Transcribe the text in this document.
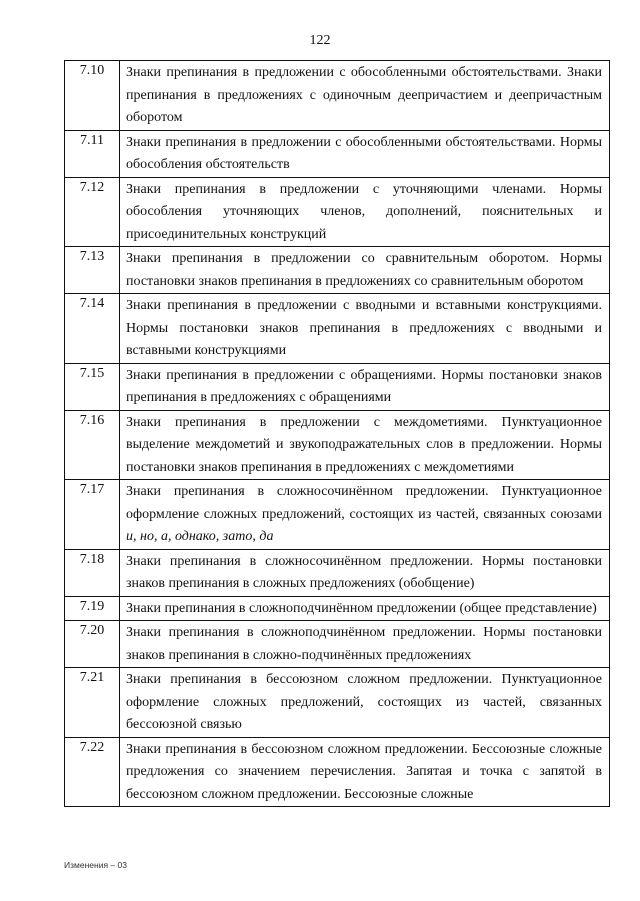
122
7.10	Знаки препинания в предложении с обособленными обстоятельствами. Знаки препинания в предложениях с одиночным деепричастием и деепричастным оборотом
7.11	Знаки препинания в предложении с обособленными обстоятельствами. Нормы обособления обстоятельств
7.12	Знаки препинания в предложении с уточняющими членами. Нормы обособления уточняющих членов, дополнений, пояснительных и присоединительных конструкций
7.13	Знаки препинания в предложении со сравнительным оборотом. Нормы постановки знаков препинания в предложениях со сравнительным оборотом
7.14	Знаки препинания в предложении с вводными и вставными конструкциями. Нормы постановки знаков препинания в предложениях с вводными и вставными конструкциями
7.15	Знаки препинания в предложении с обращениями. Нормы постановки знаков препинания в предложениях с обращениями
7.16	Знаки препинания в предложении с междометиями. Пунктуационное выделение междометий и звукоподражательных слов в предложении. Нормы постановки знаков препинания в предложениях с междометиями
7.17	Знаки препинания в сложносочинённом предложении. Пунктуационное оформление сложных предложений, состоящих из частей, связанных союзами и, но, а, однако, зато, да
7.18	Знаки препинания в сложносочинённом предложении. Нормы постановки знаков препинания в сложных предложениях (обобщение)
7.19	Знаки препинания в сложноподчинённом предложении (общее представление)
7.20	Знаки препинания в сложноподчинённом предложении. Нормы постановки знаков препинания в сложно-подчинённых предложениях
7.21	Знаки препинания в бессоюзном сложном предложении. Пунктуационное оформление сложных предложений, состоящих из частей, связанных бессоюзной связью
7.22	Знаки препинания в бессоюзном сложном предложении. Бессоюзные сложные предложения со значением перечисления. Запятая и точка с запятой в бессоюзном сложном предложении. Бессоюзные сложные
Изменения – 03
